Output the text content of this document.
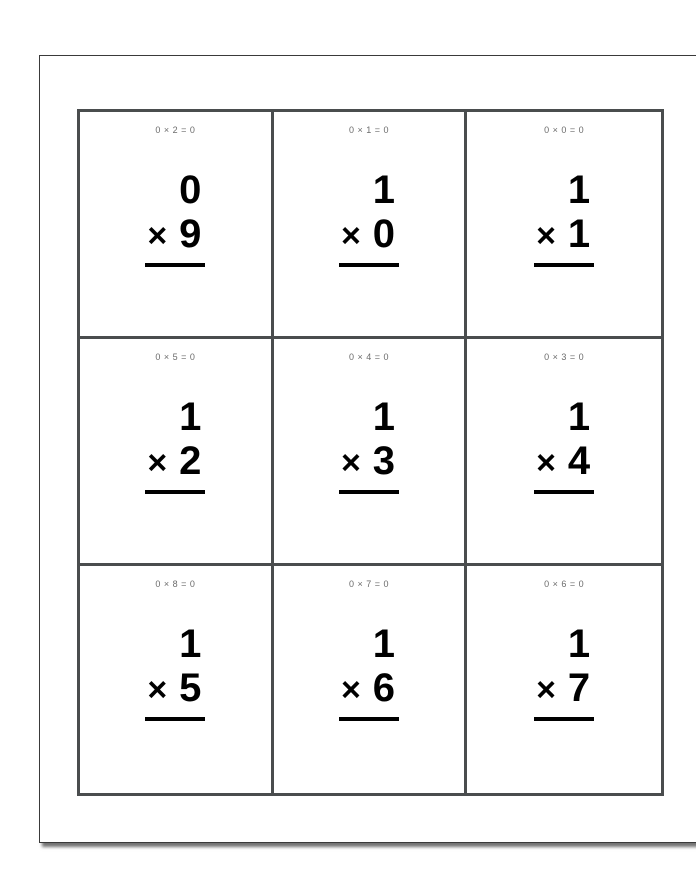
0 × 2 = 0
0
× 9
0 × 1 = 0
1
× 0
0 × 0 = 0
1
× 1
0 × 5 = 0
1
× 2
0 × 4 = 0
1
× 3
0 × 3 = 0
1
× 4
0 × 8 = 0
1
× 5
0 × 7 = 0
1
× 6
0 × 6 = 0
1
× 7
